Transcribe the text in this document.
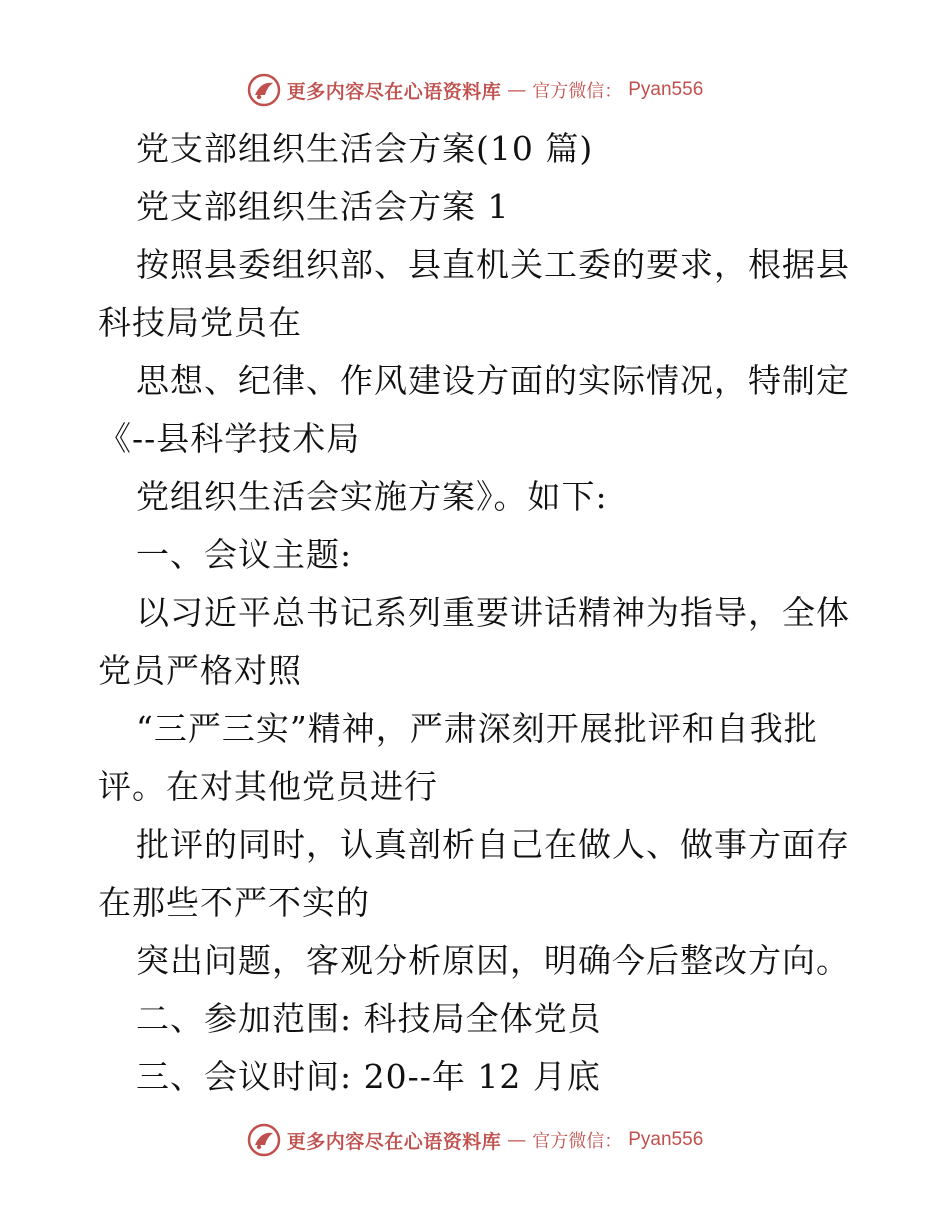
更多内容尽在心语资料库 — 官方微信： Pyan556

党支部组织生活会方案(10 篇)

党支部组织生活会方案 1

按照县委组织部、县直机关工委的要求，根据县
科技局党员在

思想、纪律、作风建设方面的实际情况，特制定
《--县科学技术局

党组织生活会实施方案》。如下:

一、会议主题:

以习近平总书记系列重要讲话精神为指导，全体
党员严格对照

“三严三实”精神，严肃深刻开展批评和自我批
评。在对其他党员进行

批评的同时，认真剖析自己在做人、做事方面存
在那些不严不实的

突出问题，客观分析原因，明确今后整改方向。

二、参加范围: 科技局全体党员

三、会议时间: 20--年 12 月底

更多内容尽在心语资料库 — 官方微信： Pyan556
